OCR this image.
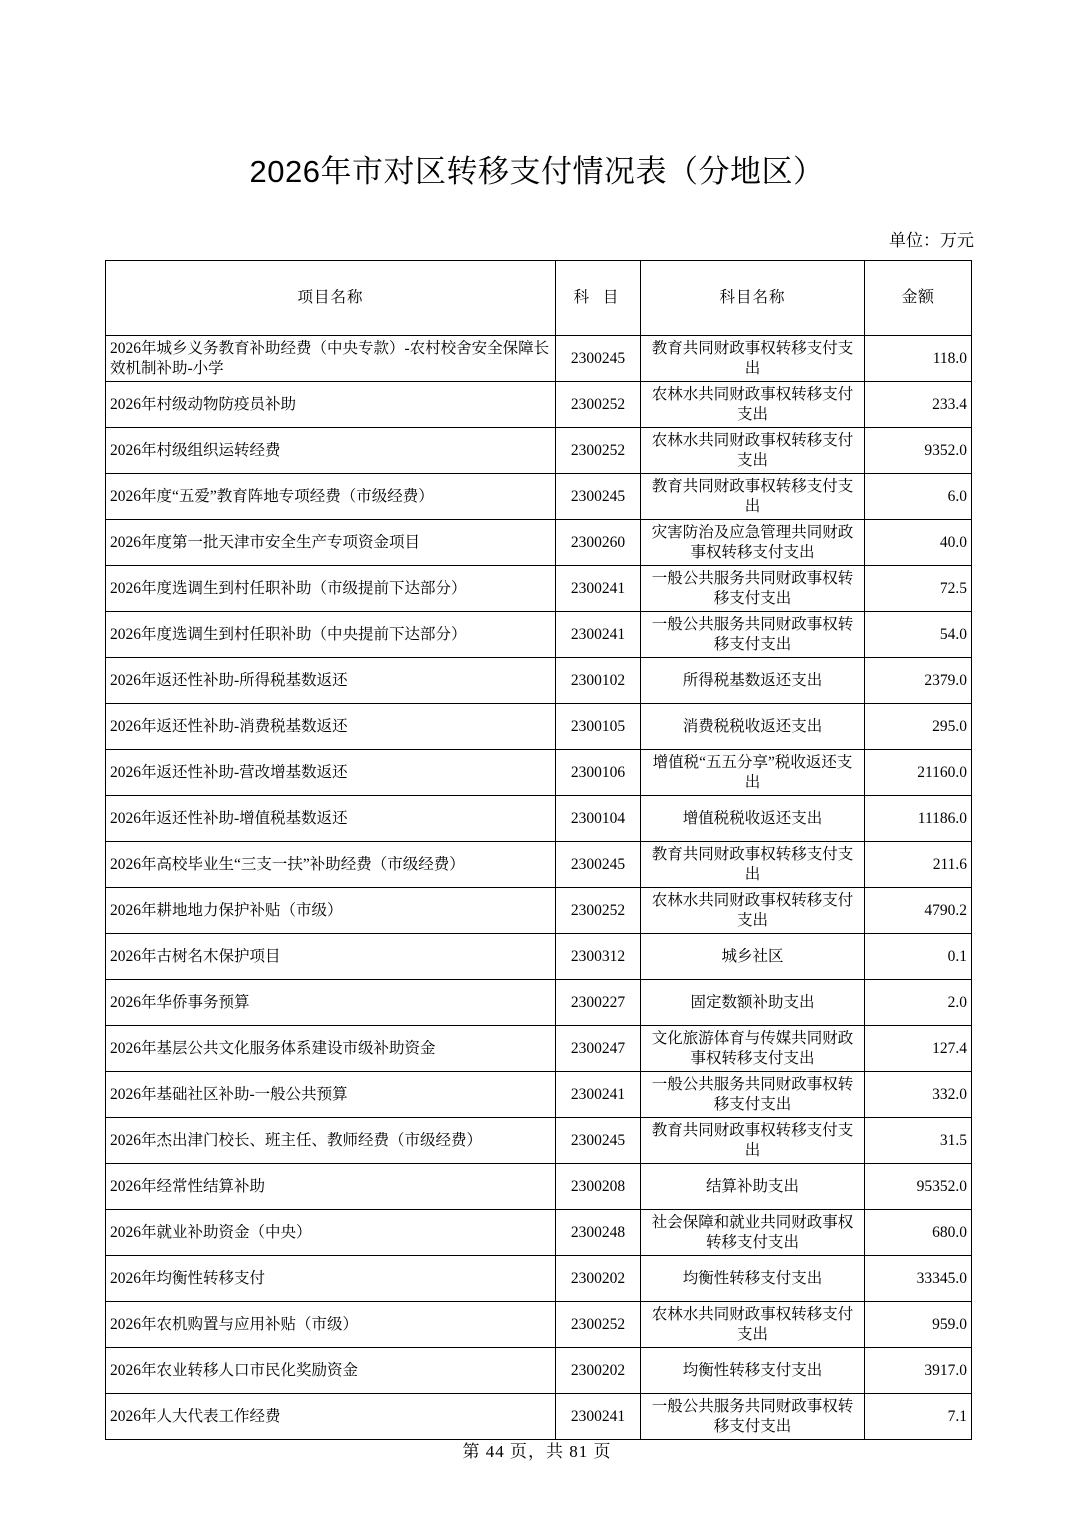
2026年市对区转移支付情况表（分地区）
单位：万元
项目名称	科 目	科目名称	金额
2026年城乡义务教育补助经费（中央专款）-农村校舍安全保障长效机制补助-小学	2300245	教育共同财政事权转移支付支出	118.0
2026年村级动物防疫员补助	2300252	农林水共同财政事权转移支付支出	233.4
2026年村级组织运转经费	2300252	农林水共同财政事权转移支付支出	9352.0
2026年度“五爱”教育阵地专项经费（市级经费）	2300245	教育共同财政事权转移支付支出	6.0
2026年度第一批天津市安全生产专项资金项目	2300260	灾害防治及应急管理共同财政事权转移支付支出	40.0
2026年度选调生到村任职补助（市级提前下达部分）	2300241	一般公共服务共同财政事权转移支付支出	72.5
2026年度选调生到村任职补助（中央提前下达部分）	2300241	一般公共服务共同财政事权转移支付支出	54.0
2026年返还性补助-所得税基数返还	2300102	所得税基数返还支出	2379.0
2026年返还性补助-消费税基数返还	2300105	消费税税收返还支出	295.0
2026年返还性补助-营改增基数返还	2300106	增值税“五五分享”税收返还支出	21160.0
2026年返还性补助-增值税基数返还	2300104	增值税税收返还支出	11186.0
2026年高校毕业生“三支一扶”补助经费（市级经费）	2300245	教育共同财政事权转移支付支出	211.6
2026年耕地地力保护补贴（市级）	2300252	农林水共同财政事权转移支付支出	4790.2
2026年古树名木保护项目	2300312	城乡社区	0.1
2026年华侨事务预算	2300227	固定数额补助支出	2.0
2026年基层公共文化服务体系建设市级补助资金	2300247	文化旅游体育与传媒共同财政事权转移支付支出	127.4
2026年基础社区补助-一般公共预算	2300241	一般公共服务共同财政事权转移支付支出	332.0
2026年杰出津门校长、班主任、教师经费（市级经费）	2300245	教育共同财政事权转移支付支出	31.5
2026年经常性结算补助	2300208	结算补助支出	95352.0
2026年就业补助资金（中央）	2300248	社会保障和就业共同财政事权转移支付支出	680.0
2026年均衡性转移支付	2300202	均衡性转移支付支出	33345.0
2026年农机购置与应用补贴（市级）	2300252	农林水共同财政事权转移支付支出	959.0
2026年农业转移人口市民化奖励资金	2300202	均衡性转移支付支出	3917.0
2026年人大代表工作经费	2300241	一般公共服务共同财政事权转移支付支出	7.1
第 44 页，共 81 页
